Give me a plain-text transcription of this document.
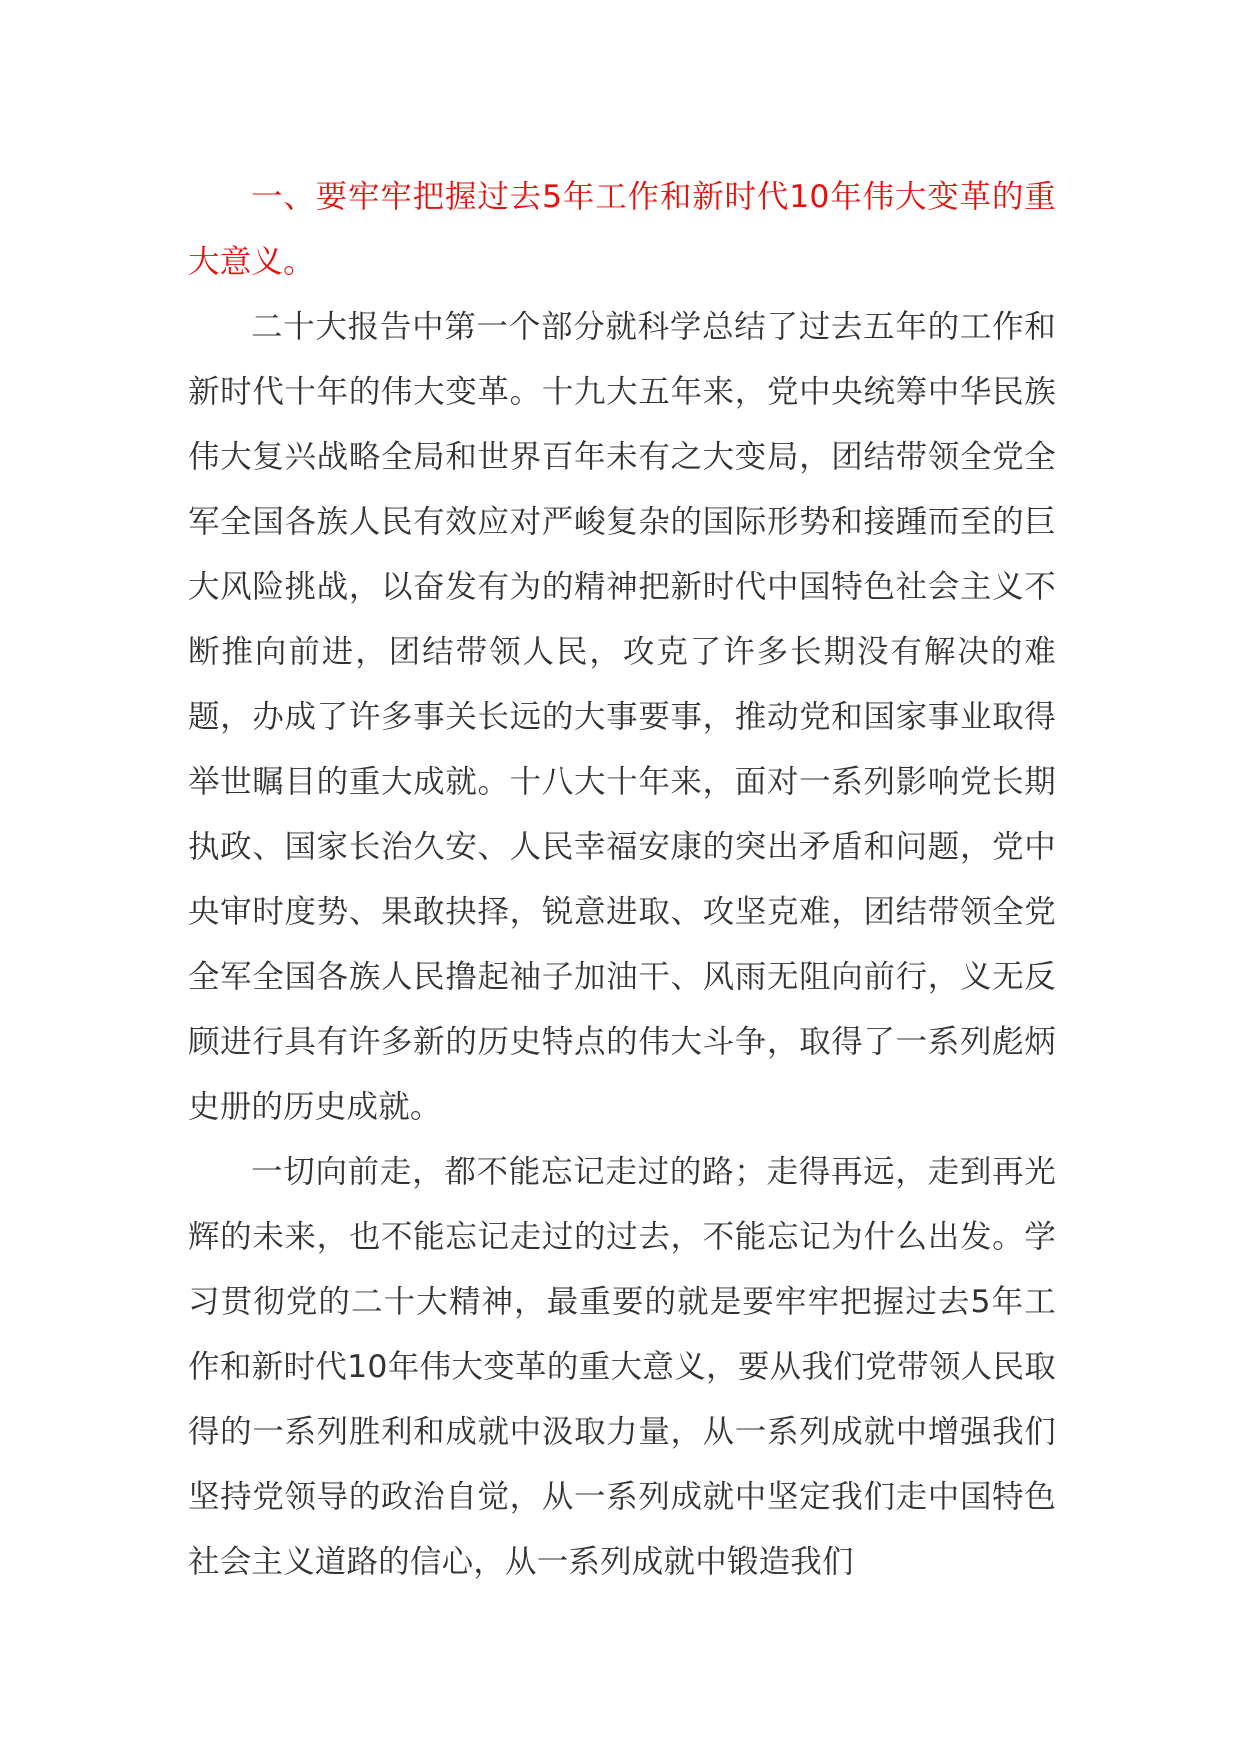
一、要牢牢把握过去5年工作和新时代10年伟大变革的重大意义。

二十大报告中第一个部分就科学总结了过去五年的工作和新时代十年的伟大变革。十九大五年来，党中央统筹中华民族伟大复兴战略全局和世界百年未有之大变局，团结带领全党全军全国各族人民有效应对严峻复杂的国际形势和接踵而至的巨大风险挑战，以奋发有为的精神把新时代中国特色社会主义不断推向前进，团结带领人民，攻克了许多长期没有解决的难题，办成了许多事关长远的大事要事，推动党和国家事业取得举世瞩目的重大成就。十八大十年来，面对一系列影响党长期执政、国家长治久安、人民幸福安康的突出矛盾和问题，党中央审时度势、果敢抉择，锐意进取、攻坚克难，团结带领全党全军全国各族人民撸起袖子加油干、风雨无阻向前行，义无反顾进行具有许多新的历史特点的伟大斗争，取得了一系列彪炳史册的历史成就。

一切向前走，都不能忘记走过的路；走得再远，走到再光辉的未来，也不能忘记走过的过去，不能忘记为什么出发。学习贯彻党的二十大精神，最重要的就是要牢牢把握过去5年工作和新时代10年伟大变革的重大意义，要从我们党带领人民取得的一系列胜利和成就中汲取力量，从一系列成就中增强我们坚持党领导的政治自觉，从一系列成就中坚定我们走中国特色社会主义道路的信心，从一系列成就中锻造我们
